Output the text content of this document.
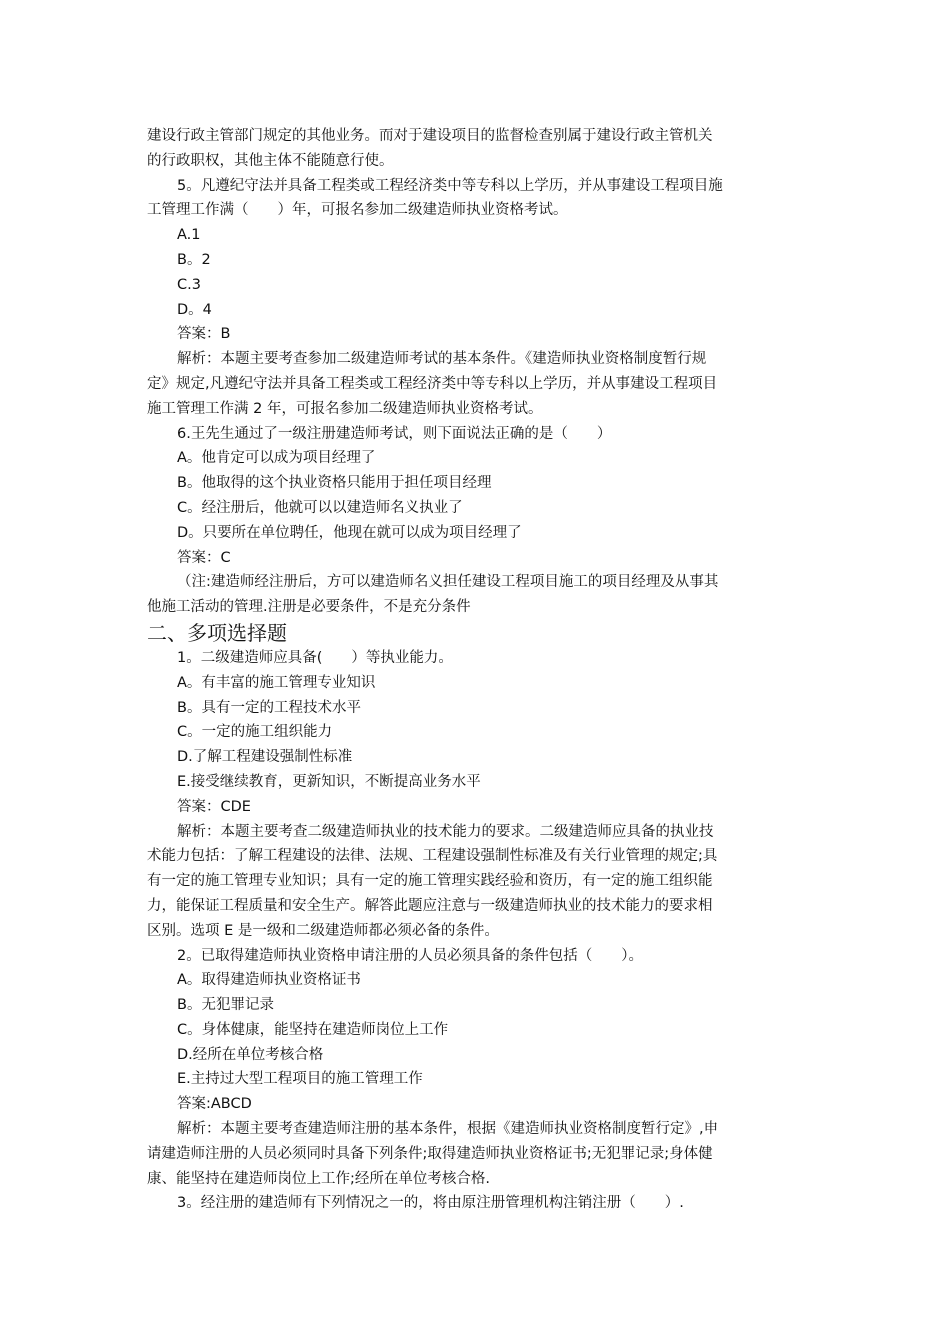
建设行政主管部门规定的其他业务。而对于建设项目的监督检查别属于建设行政主管机关
的行政职权，其他主体不能随意行使。
5。凡遵纪守法并具备工程类或工程经济类中等专科以上学历，并从事建设工程项目施
工管理工作满（　　）年，可报名参加二级建造师执业资格考试。
A.1
B。2
C.3
D。4
答案：B
解析：本题主要考查参加二级建造师考试的基本条件。《建造师执业资格制度暂行规
定》规定,凡遵纪守法并具备工程类或工程经济类中等专科以上学历，并从事建设工程项目
施工管理工作满 2 年，可报名参加二级建造师执业资格考试。
6.王先生通过了一级注册建造师考试，则下面说法正确的是（　　）
A。他肯定可以成为项目经理了
B。他取得的这个执业资格只能用于担任项目经理
C。经注册后，他就可以以建造师名义执业了
D。只要所在单位聘任，他现在就可以成为项目经理了
答案：C
（注:建造师经注册后，方可以建造师名义担任建设工程项目施工的项目经理及从事其
他施工活动的管理.注册是必要条件，不是充分条件
二、多项选择题
1。二级建造师应具备(　　）等执业能力。
A。有丰富的施工管理专业知识
B。具有一定的工程技术水平
C。一定的施工组织能力
D.了解工程建设强制性标准
E.接受继续教育，更新知识，不断提高业务水平
答案：CDE
解析：本题主要考查二级建造师执业的技术能力的要求。二级建造师应具备的执业技
术能力包括：了解工程建设的法律、法规、工程建设强制性标准及有关行业管理的规定;具
有一定的施工管理专业知识；具有一定的施工管理实践经验和资历，有一定的施工组织能
力，能保证工程质量和安全生产。解答此题应注意与一级建造师执业的技术能力的要求相
区别。选项 E 是一级和二级建造师都必须必备的条件。
2。已取得建造师执业资格申请注册的人员必须具备的条件包括（　　）。
A。取得建造师执业资格证书
B。无犯罪记录
C。身体健康，能坚持在建造师岗位上工作
D.经所在单位考核合格
E.主持过大型工程项目的施工管理工作
答案:ABCD
解析：本题主要考查建造师注册的基本条件，根据《建造师执业资格制度暂行定》,申
请建造师注册的人员必须同时具备下列条件;取得建造师执业资格证书;无犯罪记录;身体健
康、能坚持在建造师岗位上工作;经所在单位考核合格.
3。经注册的建造师有下列情况之一的，将由原注册管理机构注销注册（　　）.
